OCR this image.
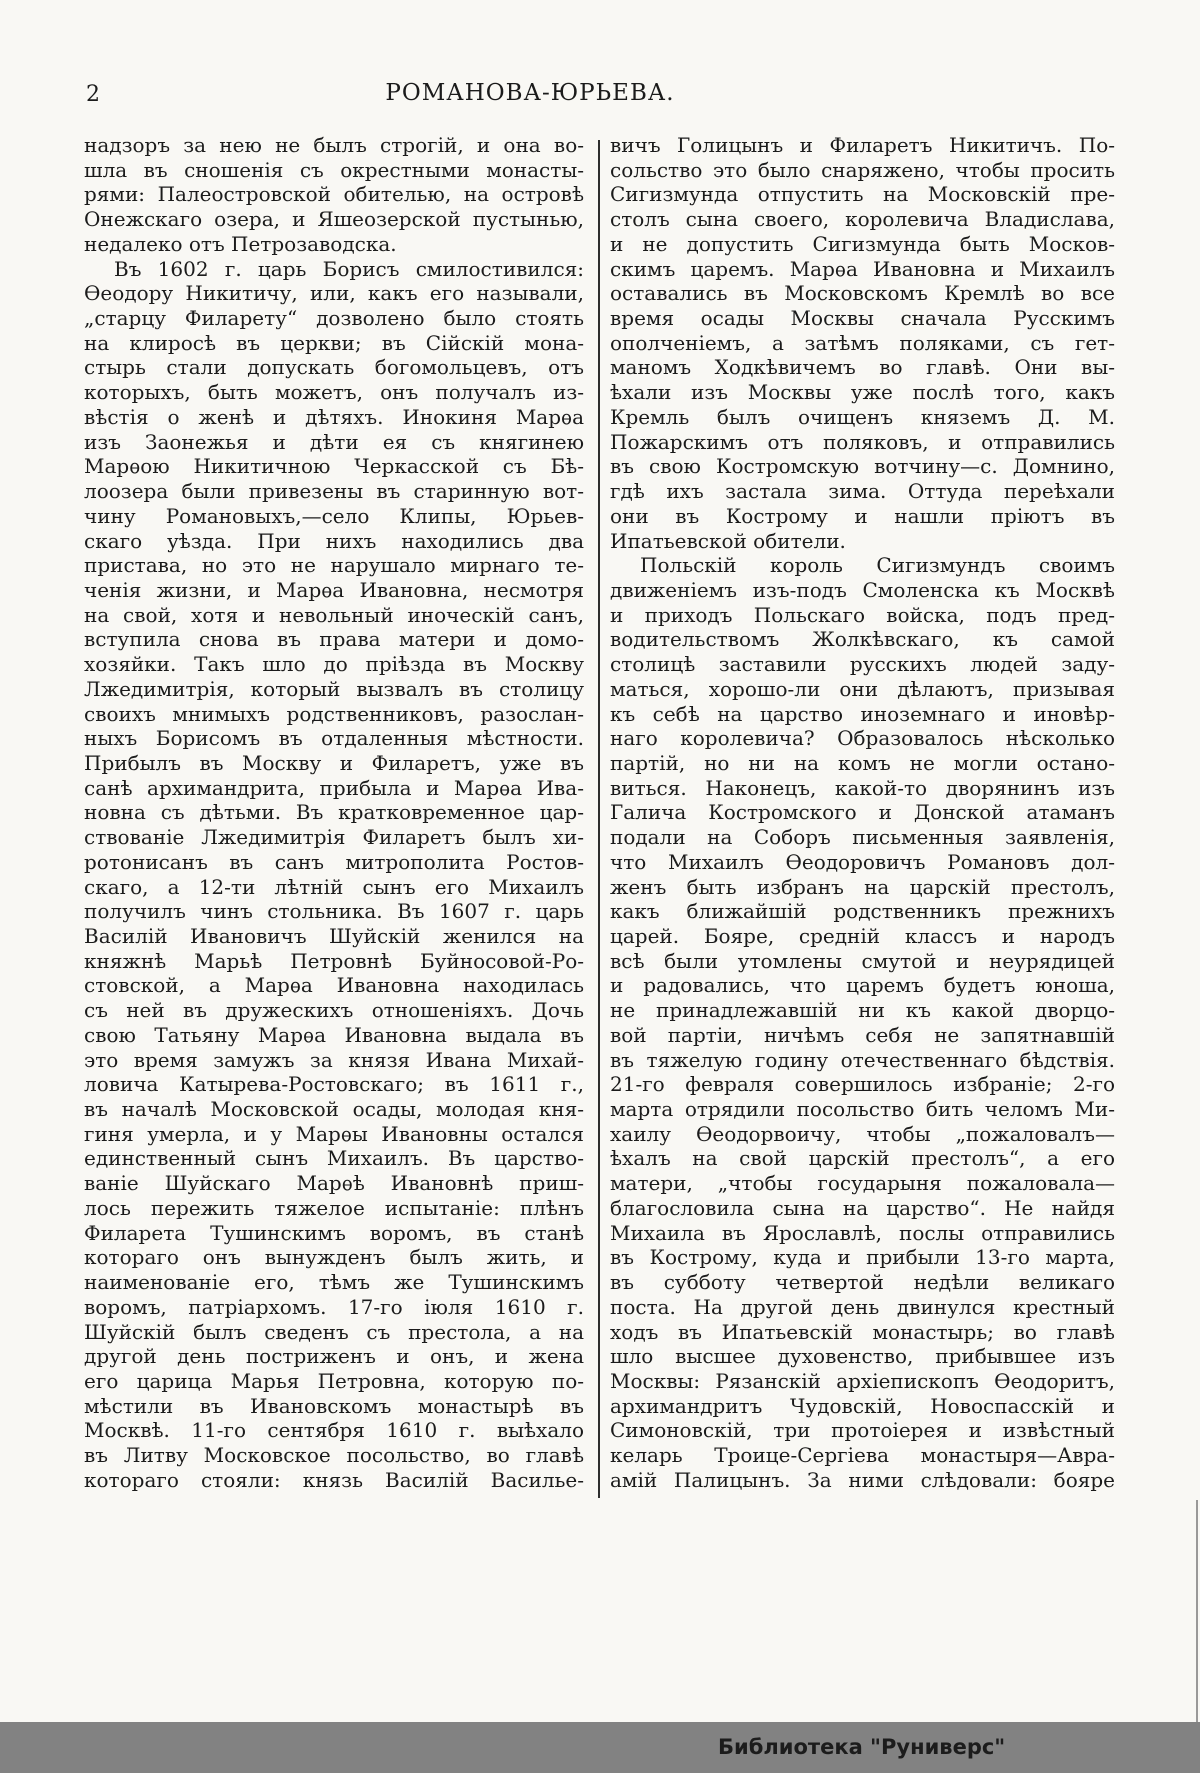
2	РОМАНОВА-ЮРЬЕВА.
надзоръ за нею не былъ строгій, и она во-
шла въ сношенія съ окрестными монасты-
рями: Палеостровской обителью, на островѣ
Онежскаго озера, и Яшеозерской пустынью,
недалеко отъ Петрозаводска.
Въ 1602 г. царь Борисъ смилостивился:
Ѳеодору Никитичу, или, какъ его называли,
„старцу Филарету“ дозволено было стоять
на клиросѣ въ церкви; въ Сійскій мона-
стырь стали допускать богомольцевъ, отъ
которыхъ, быть можетъ, онъ получалъ из-
вѣстія о женѣ и дѣтяхъ. Инокиня Марѳа
изъ Заонежья и дѣти ея съ княгинею
Марѳою Никитичною Черкасской съ Бѣ-
лоозера были привезены въ старинную вот-
чину Романовыхъ,—село Клипы, Юрьев-
скаго уѣзда. При нихъ находились два
пристава, но это не нарушало мирнаго те-
ченія жизни, и Марѳа Ивановна, несмотря
на свой, хотя и невольный иноческій санъ,
вступила снова въ права матери и домо-
хозяйки. Такъ шло до пріѣзда въ Москву
Лжедимитрія, который вызвалъ въ столицу
своихъ мнимыхъ родственниковъ, разослан-
ныхъ Борисомъ въ отдаленныя мѣстности.
Прибылъ въ Москву и Филаретъ, уже въ
санѣ архимандрита, прибыла и Марѳа Ива-
новна съ дѣтьми. Въ кратковременное цар-
ствованіе Лжедимитрія Филаретъ былъ хи-
ротонисанъ въ санъ митрополита Ростов-
скаго, а 12-ти лѣтній сынъ его Михаилъ
получилъ чинъ стольника. Въ 1607 г. царь
Василій Ивановичъ Шуйскій женился на
княжнѣ Марьѣ Петровнѣ Буйносовой-Ро-
стовской, а Марѳа Ивановна находилась
съ ней въ дружескихъ отношеніяхъ. Дочь
свою Татьяну Марѳа Ивановна выдала въ
это время замужъ за князя Ивана Михай-
ловича Катырева-Ростовскаго; въ 1611 г.,
въ началѣ Московской осады, молодая кня-
гиня умерла, и у Марѳы Ивановны остался
единственный сынъ Михаилъ. Въ царство-
ваніе Шуйскаго Марѳѣ Ивановнѣ приш-
лось пережить тяжелое испытаніе: плѣнъ
Филарета Тушинскимъ воромъ, въ станѣ
котораго онъ вынужденъ былъ жить, и
наименованіе его, тѣмъ же Тушинскимъ
воромъ, патріархомъ. 17-го іюля 1610 г.
Шуйскій былъ сведенъ съ престола, а на
другой день постриженъ и онъ, и жена
его царица Марья Петровна, которую по-
мѣстили въ Ивановскомъ монастырѣ въ
Москвѣ. 11-го сентября 1610 г. выѣхало
въ Литву Московское посольство, во главѣ
котораго стояли: князь Василій Василье-
вичъ Голицынъ и Филаретъ Никитичъ. По-
сольство это было снаряжено, чтобы просить
Сигизмунда отпустить на Московскій пре-
столъ сына своего, королевича Владислава,
и не допустить Сигизмунда быть Москов-
скимъ царемъ. Марѳа Ивановна и Михаилъ
оставались въ Московскомъ Кремлѣ во все
время осады Москвы сначала Русскимъ
ополченіемъ, а затѣмъ поляками, съ гет-
маномъ Ходкѣвичемъ во главѣ. Они вы-
ѣхали изъ Москвы уже послѣ того, какъ
Кремль былъ очищенъ княземъ Д. М.
Пожарскимъ отъ поляковъ, и отправились
въ свою Костромскую вотчину—с. Домнино,
гдѣ ихъ застала зима. Оттуда переѣхали
они въ Кострому и нашли пріютъ въ
Ипатьевской обители.
Польскій король Сигизмундъ своимъ
движеніемъ изъ-подъ Смоленска къ Москвѣ
и приходъ Польскаго войска, подъ пред-
водительствомъ Жолкѣвскаго, къ самой
столицѣ заставили русскихъ людей заду-
маться, хорошо-ли они дѣлаютъ, призывая
къ себѣ на царство иноземнаго и иновѣр-
наго королевича? Образовалось нѣсколько
партій, но ни на комъ не могли остано-
виться. Наконецъ, какой-то дворянинъ изъ
Галича Костромского и Донской атаманъ
подали на Соборъ письменныя заявленія,
что Михаилъ Ѳеодоровичъ Романовъ дол-
женъ быть избранъ на царскій престолъ,
какъ ближайшій родственникъ прежнихъ
царей. Бояре, средній классъ и народъ
всѣ были утомлены смутой и неурядицей
и радовались, что царемъ будетъ юноша,
не принадлежавшій ни къ какой дворцо-
вой партіи, ничѣмъ себя не запятнавшій
въ тяжелую годину отечественнаго бѣдствія.
21-го февраля совершилось избраніе; 2-го
марта отрядили посольство бить челомъ Ми-
хаилу Ѳеодорвоичу, чтобы „пожаловалъ—
ѣхалъ на свой царскій престолъ“, а его
матери, „чтобы государыня пожаловала—
благословила сына на царство“. Не найдя
Михаила въ Ярославлѣ, послы отправились
въ Кострому, куда и прибыли 13-го марта,
въ субботу четвертой недѣли великаго
поста. На другой день двинулся крестный
ходъ въ Ипатьевскій монастырь; во главѣ
шло высшее духовенство, прибывшее изъ
Москвы: Рязанскій архіепископъ Ѳеодоритъ,
архимандритъ Чудовскій, Новоспасскій и
Симоновскій, три протоіерея и извѣстный
келарь Троице-Сергіева монастыря—Авра-
амій Палицынъ. За ними слѣдовали: бояре
Библиотека "Руниверс"
